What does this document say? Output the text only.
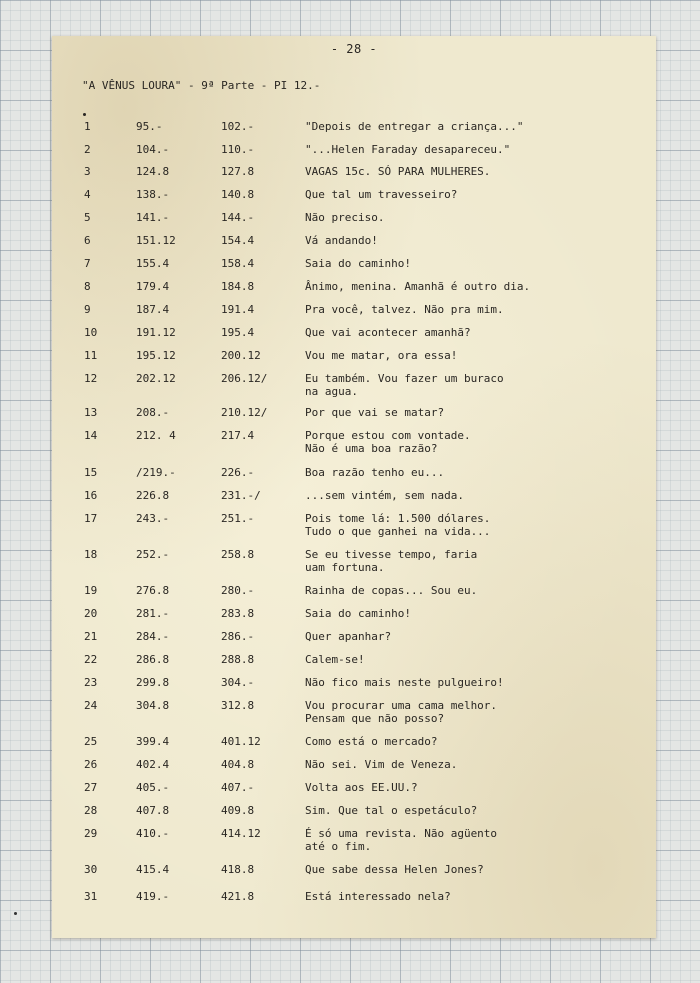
- 28 -
"A VÊNUS LOURA" - 9ª Parte - PI 12.-
1	95.-	102.-	"Depois de entregar a criança..."
2	104.-	110.-	"...Helen Faraday desapareceu."
3	124.8	127.8	VAGAS 15c. SÓ PARA MULHERES.
4	138.-	140.8	Que tal um travesseiro?
5	141.-	144.-	Não preciso.
6	151.12	154.4	Vá andando!
7	155.4	158.4	Saia do caminho!
8	179.4	184.8	Ânimo, menina. Amanhã é outro dia.
9	187.4	191.4	Pra você, talvez. Não pra mim.
10	191.12	195.4	Que vai acontecer amanhã?
11	195.12	200.12	Vou me matar, ora essa!
12	202.12	206.12/	Eu também. Vou fazer um buraco
na agua.
13	208.-	210.12/	Por que vai se matar?
14	212. 4	217.4	Porque estou com vontade.
Não é uma boa razão?
15	/219.-	226.-	Boa razão tenho eu...
16	226.8	231.-/	...sem vintém, sem nada.
17	243.-	251.-	Pois tome lá: 1.500 dólares.
Tudo o que ganhei na vida...
18	252.-	258.8	Se eu tivesse tempo, faria
uam fortuna.
19	276.8	280.-	Rainha de copas... Sou eu.
20	281.-	283.8	Saia do caminho!
21	284.-	286.-	Quer apanhar?
22	286.8	288.8	Calem-se!
23	299.8	304.-	Não fico mais neste pulgueiro!
24	304.8	312.8	Vou procurar uma cama melhor.
Pensam que não posso?
25	399.4	401.12	Como está o mercado?
26	402.4	404.8	Não sei. Vim de Veneza.
27	405.-	407.-	Volta aos EE.UU.?
28	407.8	409.8	Sim. Que tal o espetáculo?
29	410.-	414.12	É só uma revista. Não agüento
até o fim.
30	415.4	418.8	Que sabe dessa Helen Jones?
31	419.-	421.8	Está interessado nela?
